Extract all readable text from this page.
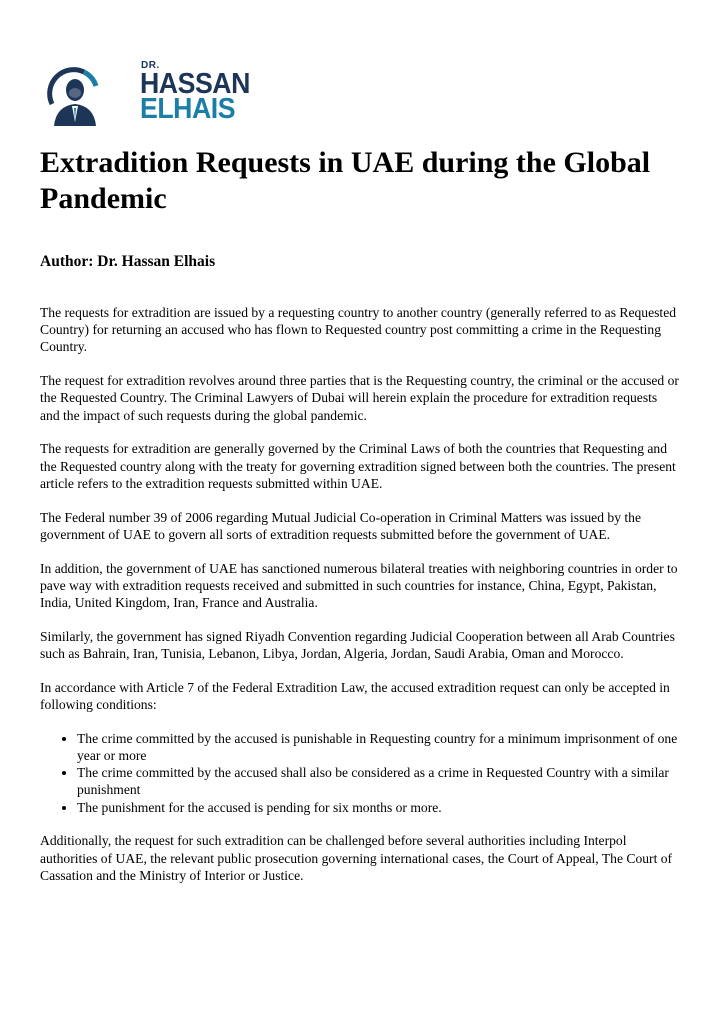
DR.
HASSAN
ELHAIS
Extradition Requests in UAE during the Global Pandemic

Author: Dr. Hassan Elhais

The requests for extradition are issued by a requesting country to another country (generally referred to as Requested Country) for returning an accused who has flown to Requested country post committing a crime in the Requesting Country.

The request for extradition revolves around three parties that is the Requesting country, the criminal or the accused or the Requested Country. The Criminal Lawyers of Dubai will herein explain the procedure for extradition requests and the impact of such requests during the global pandemic.

The requests for extradition are generally governed by the Criminal Laws of both the countries that Requesting and the Requested country along with the treaty for governing extradition signed between both the countries. The present article refers to the extradition requests submitted within UAE.

The Federal number 39 of 2006 regarding Mutual Judicial Co-operation in Criminal Matters was issued by the government of UAE to govern all sorts of extradition requests submitted before the government of UAE.

In addition, the government of UAE has sanctioned numerous bilateral treaties with neighboring countries in order to pave way with extradition requests received and submitted in such countries for instance, China, Egypt, Pakistan, India, United Kingdom, Iran, France and Australia.

Similarly, the government has signed Riyadh Convention regarding Judicial Cooperation between all Arab Countries such as Bahrain, Iran, Tunisia, Lebanon, Libya, Jordan, Algeria, Jordan, Saudi Arabia, Oman and Morocco.

In accordance with Article 7 of the Federal Extradition Law, the accused extradition request can only be accepted in following conditions:

• The crime committed by the accused is punishable in Requesting country for a minimum imprisonment of one year or more
• The crime committed by the accused shall also be considered as a crime in Requested Country with a similar punishment
• The punishment for the accused is pending for six months or more.

Additionally, the request for such extradition can be challenged before several authorities including Interpol authorities of UAE, the relevant public prosecution governing international cases, the Court of Appeal, The Court of Cassation and the Ministry of Interior or Justice.
